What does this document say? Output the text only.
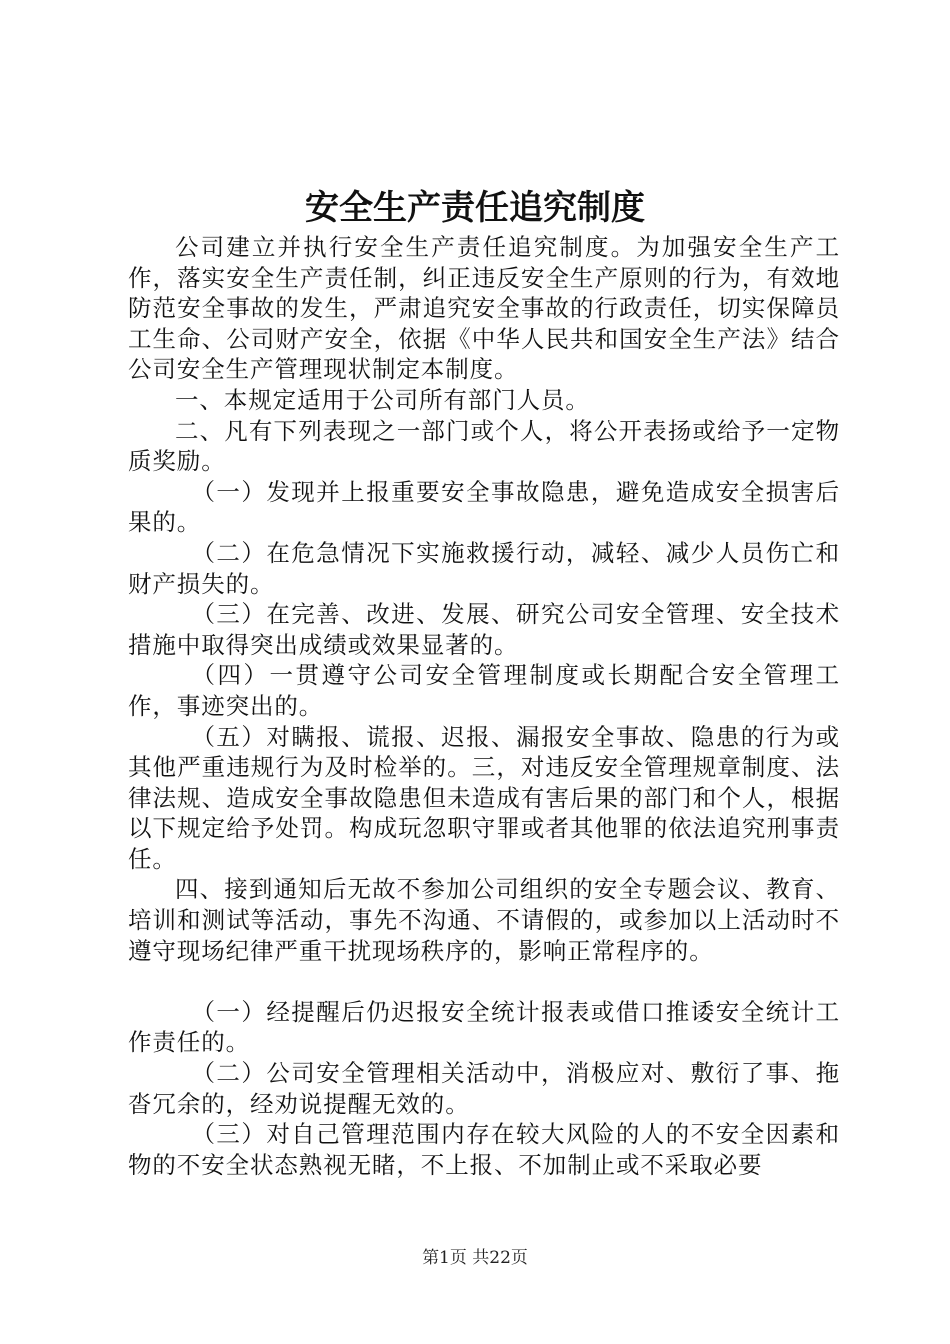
安全生产责任追究制度

公司建立并执行安全生产责任追究制度。为加强安全生产工作，落实安全生产责任制，纠正违反安全生产原则的行为，有效地防范安全事故的发生，严肃追究安全事故的行政责任，切实保障员工生命、公司财产安全，依据《中华人民共和国安全生产法》结合公司安全生产管理现状制定本制度。

一、本规定适用于公司所有部门人员。

二、凡有下列表现之一部门或个人，将公开表扬或给予一定物质奖励。

（一）发现并上报重要安全事故隐患，避免造成安全损害后果的。

（二）在危急情况下实施救援行动，减轻、减少人员伤亡和财产损失的。

（三）在完善、改进、发展、研究公司安全管理、安全技术措施中取得突出成绩或效果显著的。

（四）一贯遵守公司安全管理制度或长期配合安全管理工作，事迹突出的。

（五）对瞒报、谎报、迟报、漏报安全事故、隐患的行为或其他严重违规行为及时检举的。三，对违反安全管理规章制度、法律法规、造成安全事故隐患但未造成有害后果的部门和个人，根据以下规定给予处罚。构成玩忽职守罪或者其他罪的依法追究刑事责任。

四、接到通知后无故不参加公司组织的安全专题会议、教育、培训和测试等活动，事先不沟通、不请假的，或参加以上活动时不遵守现场纪律严重干扰现场秩序的，影响正常程序的。

（一）经提醒后仍迟报安全统计报表或借口推诿安全统计工作责任的。

（二）公司安全管理相关活动中，消极应对、敷衍了事、拖沓冗余的，经劝说提醒无效的。

（三）对自己管理范围内存在较大风险的人的不安全因素和物的不安全状态熟视无睹，不上报、不加制止或不采取必要

第1页 共22页
